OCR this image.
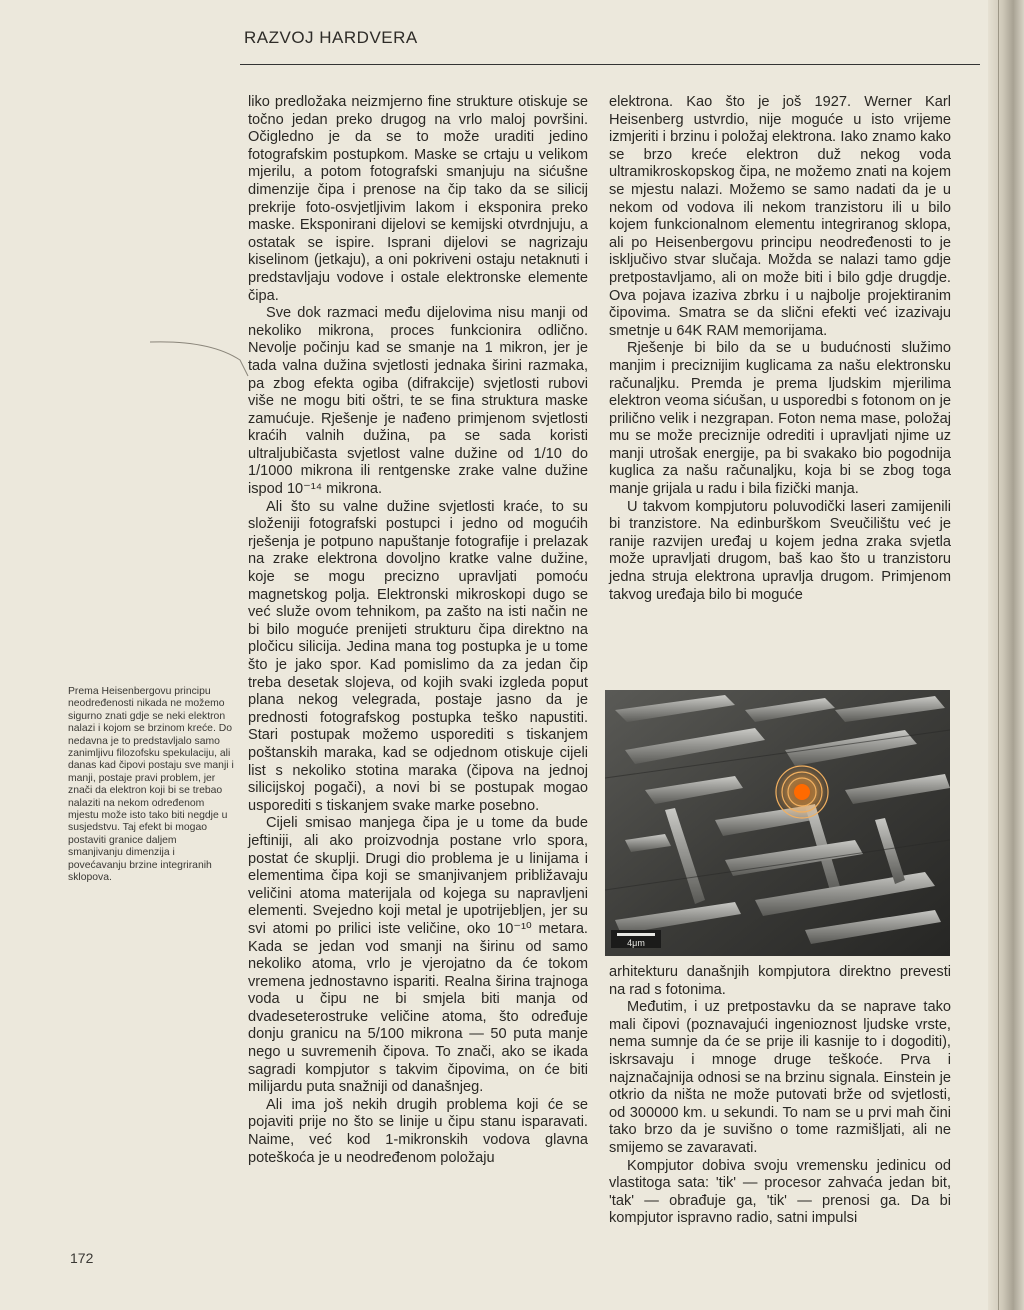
RAZVOJ HARDVERA

liko predložaka neizmjerno fine strukture otiskuje se točno jedan preko drugog na vrlo maloj površini. Očigledno je da se to može uraditi jedino fotografskim postupkom. Maske se crtaju u velikom mjerilu, a potom fotografski smanjuju na sićušne dimenzije čipa i prenose na čip tako da se silicij prekrije foto-osvjetljivim lakom i eksponira preko maske. Eksponirani dijelovi se kemijski otvrdnjuju, a ostatak se ispire. Isprani dijelovi se nagrizaju kiselinom (jetkaju), a oni pokriveni ostaju netaknuti i predstavljaju vodove i ostale elektronske elemente čipa.

Sve dok razmaci među dijelovima nisu manji od nekoliko mikrona, proces funkcionira odlično. Nevolje počinju kad se smanje na 1 mikron, jer je tada valna dužina svjetlosti jednaka širini razmaka, pa zbog efekta ogiba (difrakcije) svjetlosti rubovi više ne mogu biti oštri, te se fina struktura maske zamućuje. Rješenje je nađeno primjenom svjetlosti kraćih valnih dužina, pa se sada koristi ultraljubičasta svjetlost valne dužine od 1/10 do 1/1000 mikrona ili rentgenske zrake valne dužine ispod 10⁻¹⁴ mikrona.

Ali što su valne dužine svjetlosti kraće, to su složeniji fotografski postupci i jedno od mogućih rješenja je potpuno napuštanje fotografije i prelazak na zrake elektrona dovoljno kratke valne dužine, koje se mogu precizno upravljati pomoću magnetskog polja. Elektronski mikroskopi dugo se već služe ovom tehnikom, pa zašto na isti način ne bi bilo moguće prenijeti strukturu čipa direktno na pločicu silicija. Jedina mana tog postupka je u tome što je jako spor. Kad pomislimo da za jedan čip treba desetak slojeva, od kojih svaki izgleda poput plana nekog velegrada, postaje jasno da je prednosti fotografskog postupka teško napustiti. Stari postupak možemo usporediti s tiskanjem poštanskih maraka, kad se odjednom otiskuje cijeli list s nekoliko stotina maraka (čipova na jednoj silicijskoj pogači), a novi bi se postupak mogao usporediti s tiskanjem svake marke posebno.

Cijeli smisao manjega čipa je u tome da bude jeftiniji, ali ako proizvodnja postane vrlo spora, postat će skuplji. Drugi dio problema je u linijama i elementima čipa koji se smanjivanjem približavaju veličini atoma materijala od kojega su napravljeni elementi. Svejedno koji metal je upotrijebljen, jer su svi atomi po prilici iste veličine, oko 10⁻¹⁰ metara. Kada se jedan vod smanji na širinu od samo nekoliko atoma, vrlo je vjerojatno da će tokom vremena jednostavno ispariti. Realna širina trajnoga voda u čipu ne bi smjela biti manja od dvadeseterostruke veličine atoma, što određuje donju granicu na 5/100 mikrona — 50 puta manje nego u suvremenih čipova. To znači, ako se ikada sagradi kompjutor s takvim čipovima, on će biti milijardu puta snažniji od današnjeg.

Ali ima još nekih drugih problema koji će se pojaviti prije no što se linije u čipu stanu isparavati. Naime, već kod 1-mikronskih vodova glavna poteškoća je u neodređenom položaju

elektrona. Kao što je još 1927. Werner Karl Heisenberg ustvrdio, nije moguće u isto vrijeme izmjeriti i brzinu i položaj elektrona. Iako znamo kako se brzo kreće elektron duž nekog voda ultramikroskopskog čipa, ne možemo znati na kojem se mjestu nalazi. Možemo se samo nadati da je u nekom od vodova ili nekom tranzistoru ili u bilo kojem funkcionalnom elementu integriranog sklopa, ali po Heisenbergovu principu neodređenosti to je isključivo stvar slučaja. Možda se nalazi tamo gdje pretpostavljamo, ali on može biti i bilo gdje drugdje. Ova pojava izaziva zbrku i u najbolje projektiranim čipovima. Smatra se da slični efekti već izazivaju smetnje u 64K RAM memorijama.

Rješenje bi bilo da se u budućnosti služimo manjim i preciznijim kuglicama za našu elektronsku računaljku. Premda je prema ljudskim mjerilima elektron veoma sićušan, u usporedbi s fotonom on je prilično velik i nezgrapan. Foton nema mase, položaj mu se može preciznije odrediti i upravljati njime uz manji utrošak energije, pa bi svakako bio pogodnija kuglica za našu računaljku, koja bi se zbog toga manje grijala u radu i bila fizički manja.

U takvom kompjutoru poluvodički laseri zamijenili bi tranzistore. Na edinburškom Sveučilištu već je ranije razvijen uređaj u kojem jedna zraka svjetla može upravljati drugom, baš kao što u tranzistoru jedna struja elektrona upravlja drugom. Primjenom takvog uređaja bilo bi moguće

4μm

arhitekturu današnjih kompjutora direktno prevesti na rad s fotonima.

Međutim, i uz pretpostavku da se naprave tako mali čipovi (poznavajući ingenioznost ljudske vrste, nema sumnje da će se prije ili kasnije to i dogoditi), iskrsavaju i mnoge druge teškoće. Prva i najznačajnija odnosi se na brzinu signala. Einstein je otkrio da ništa ne može putovati brže od svjetlosti, od 300000 km. u sekundi. To nam se u prvi mah čini tako brzo da je suvišno o tome razmišljati, ali ne smijemo se zavaravati.

Kompjutor dobiva svoju vremensku jedinicu od vlastitoga sata: 'tik' — procesor zahvaća jedan bit, 'tak' — obrađuje ga, 'tik' — prenosi ga. Da bi kompjutor ispravno radio, satni impulsi

Prema Heisenbergovu principu neodređenosti nikada ne možemo sigurno znati gdje se neki elektron nalazi i kojom se brzinom kreće. Do nedavna je to predstavljalo samo zanimljivu filozofsku spekulaciju, ali danas kad čipovi postaju sve manji i manji, postaje pravi problem, jer znači da elektron koji bi se trebao nalaziti na nekom određenom mjestu može isto tako biti negdje u susjedstvu. Taj efekt bi mogao postaviti granice daljem smanjivanju dimenzija i povećavanju brzine integriranih sklopova.
172
